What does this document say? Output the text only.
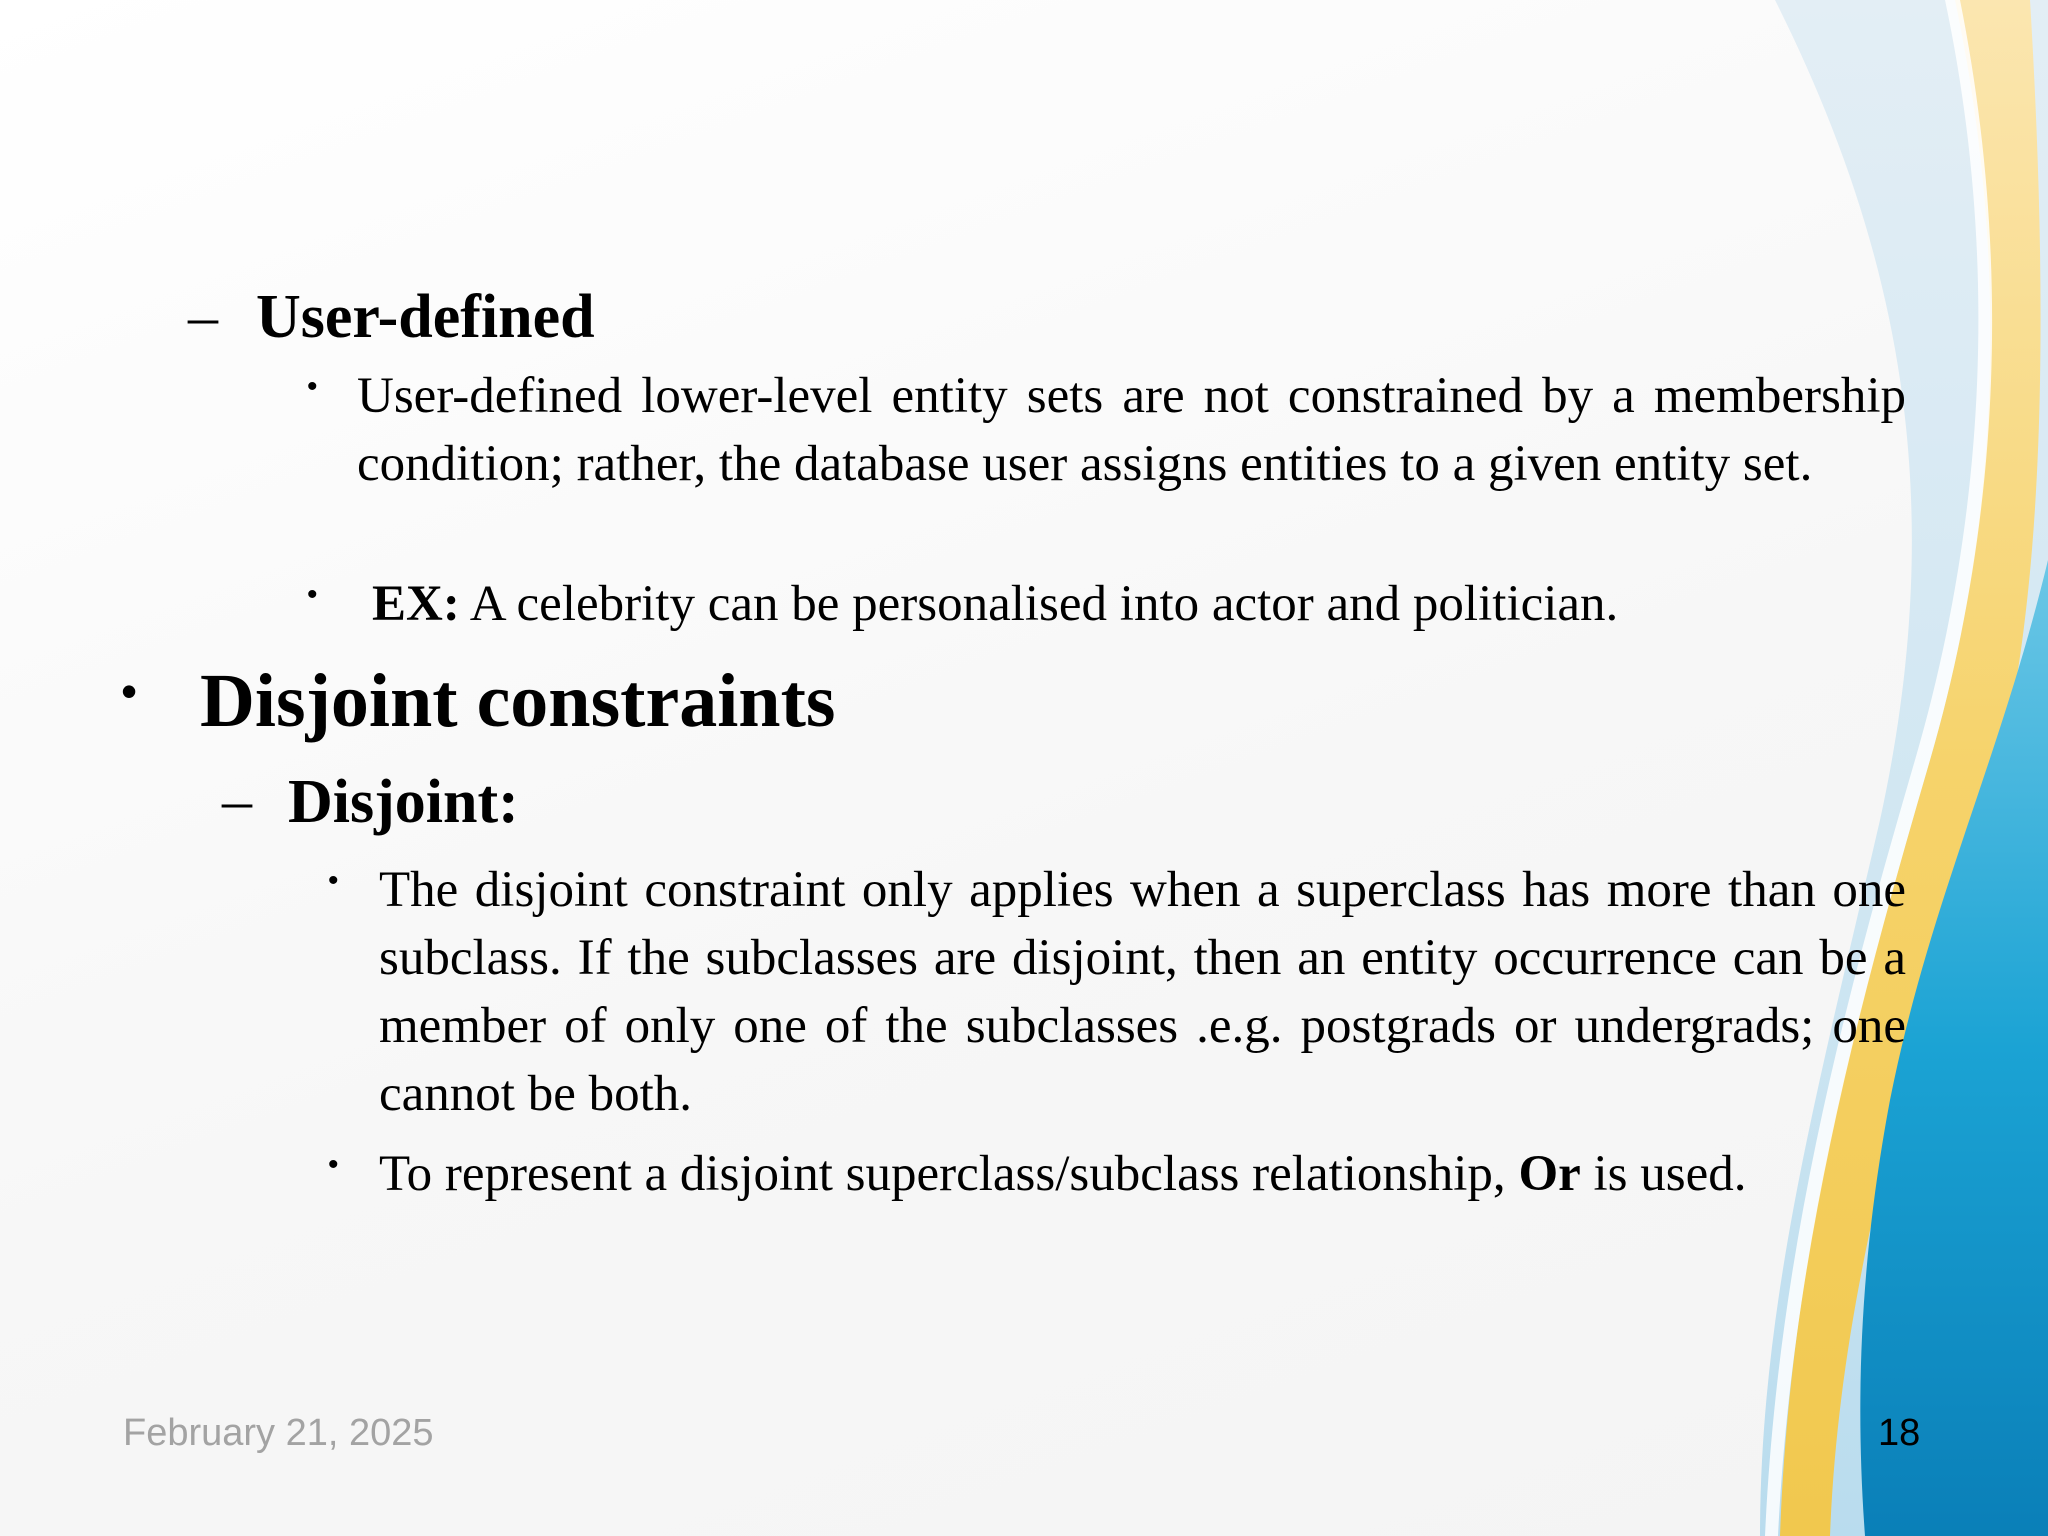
– User-defined
• User-defined lower-level entity sets are not constrained by a membership condition; rather, the database user assigns entities to a given entity set.
• EX: A celebrity can be personalised into actor and politician.
• Disjoint constraints
– Disjoint:
• The disjoint constraint only applies when a superclass has more than one subclass. If the subclasses are disjoint, then an entity occurrence can be a member of only one of the subclasses .e.g. postgrads or undergrads; one cannot be both.
• To represent a disjoint superclass/subclass relationship, Or is used.
February 21, 2025	18
